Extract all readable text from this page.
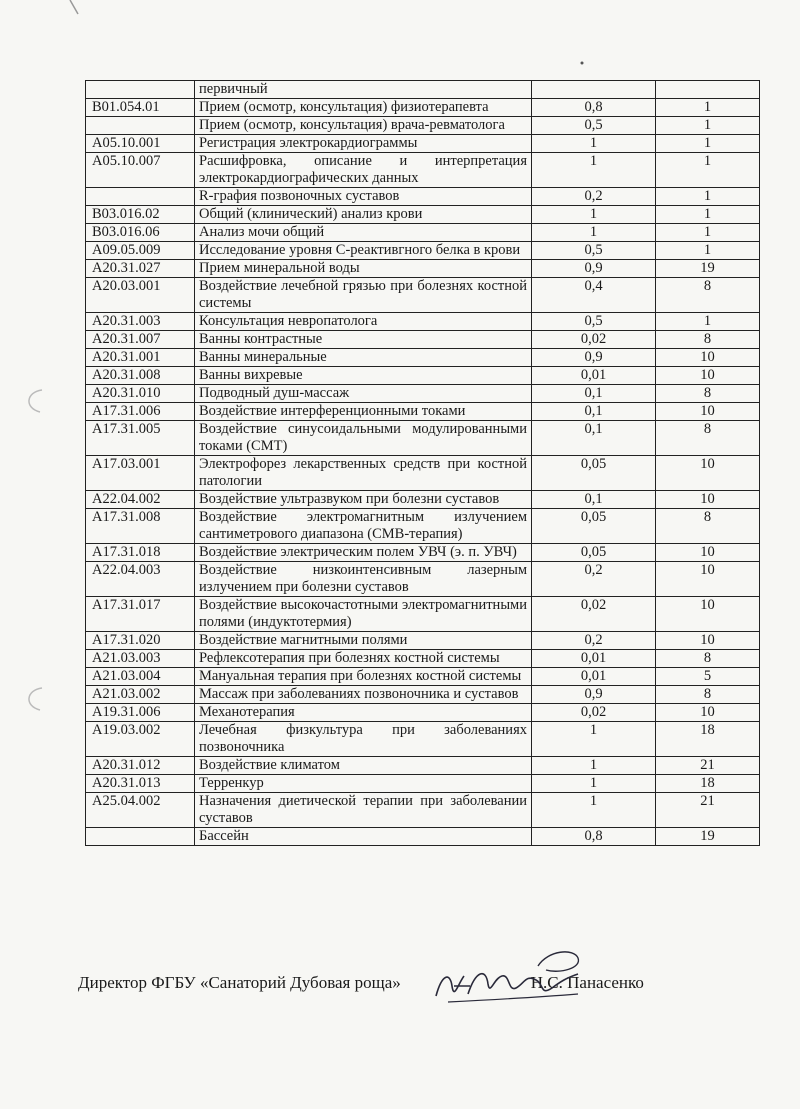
	первичный		
В01.054.01	Прием (осмотр, консультация) физиотерапевта	0,8	1
	Прием (осмотр, консультация) врача-ревматолога	0,5	1
А05.10.001	Регистрация электрокардиограммы	1	1
А05.10.007	Расшифровка, описание и интерпретация электрокардиографических данных	1	1
	R-графия позвоночных суставов	0,2	1
В03.016.02	Общий (клинический) анализ крови	1	1
В03.016.06	Анализ мочи общий	1	1
А09.05.009	Исследование уровня С-реактивгного белка в крови	0,5	1
А20.31.027	Прием минеральной воды	0,9	19
А20.03.001	Воздействие лечебной грязью при болезнях костной системы	0,4	8
А20.31.003	Консультация невропатолога	0,5	1
А20.31.007	Ванны контрастные	0,02	8
А20.31.001	Ванны минеральные	0,9	10
А20.31.008	Ванны вихревые	0,01	10
А20.31.010	Подводный душ-массаж	0,1	8
А17.31.006	Воздействие интерференционными токами	0,1	10
А17.31.005	Воздействие синусоидальными модулированными токами (СМТ)	0,1	8
А17.03.001	Электрофорез лекарственных средств при костной патологии	0,05	10
А22.04.002	Воздействие ультразвуком при болезни суставов	0,1	10
А17.31.008	Воздействие электромагнитным излучением сантиметрового диапазона (СМВ-терапия)	0,05	8
А17.31.018	Воздействие электрическим полем УВЧ (э. п. УВЧ)	0,05	10
А22.04.003	Воздействие низкоинтенсивным лазерным излучением при болезни суставов	0,2	10
А17.31.017	Воздействие высокочастотными электромагнитными полями (индуктотермия)	0,02	10
А17.31.020	Воздействие магнитными полями	0,2	10
А21.03.003	Рефлексотерапия при болезнях костной системы	0,01	8
А21.03.004	Мануальная терапия при болезнях костной системы	0,01	5
А21.03.002	Массаж при заболеваниях позвоночника и суставов	0,9	8
А19.31.006	Механотерапия	0,02	10
А19.03.002	Лечебная физкультура при заболеваниях позвоночника	1	18
А20.31.012	Воздействие климатом	1	21
А20.31.013	Терренкур	1	18
А25.04.002	Назначения диетической терапии при заболевании суставов	1	21
	Бассейн	0,8	19
Директор ФГБУ «Санаторий Дубовая роща»	Н.С. Панасенко
